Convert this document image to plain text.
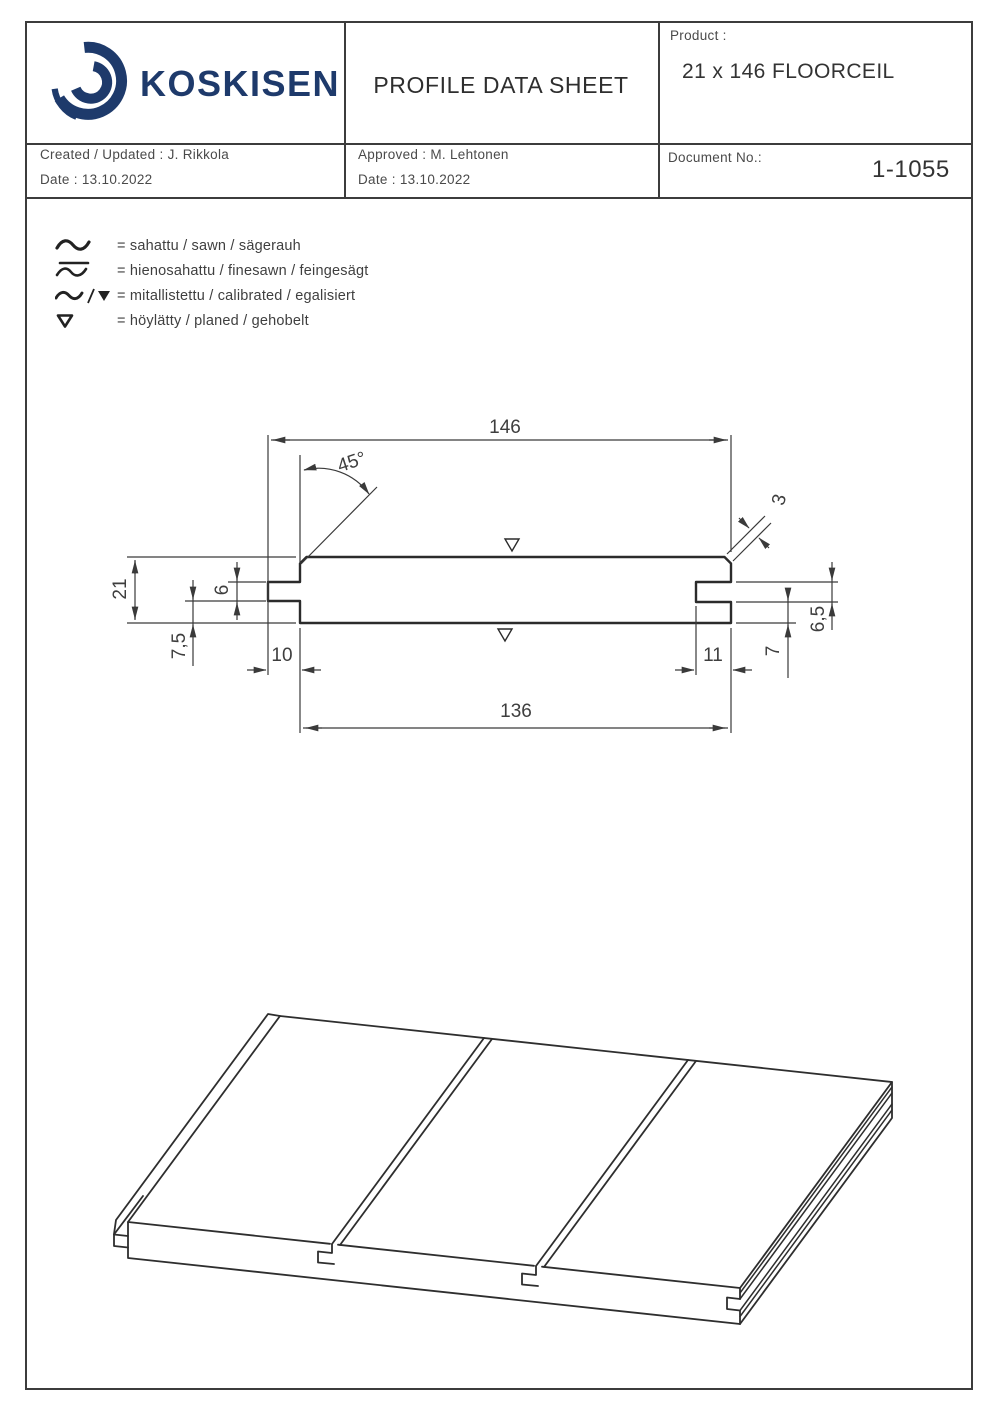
KOSKISEN	PROFILE DATA SHEET
Product :
21 x 146 FLOORCEIL
Created / Updated : J. Rikkola
Date : 13.10.2022
Approved : M. Lehtonen
Date : 13.10.2022
Document No.:	1-1055
= sahattu / sawn / sägerauh
= hienosahattu / finesawn / feingesägt
= mitallistettu / calibrated / egalisiert
= höylätty / planed / gehobelt
146
45°
3
21
7,5
6
10	11
136
6,5
7
